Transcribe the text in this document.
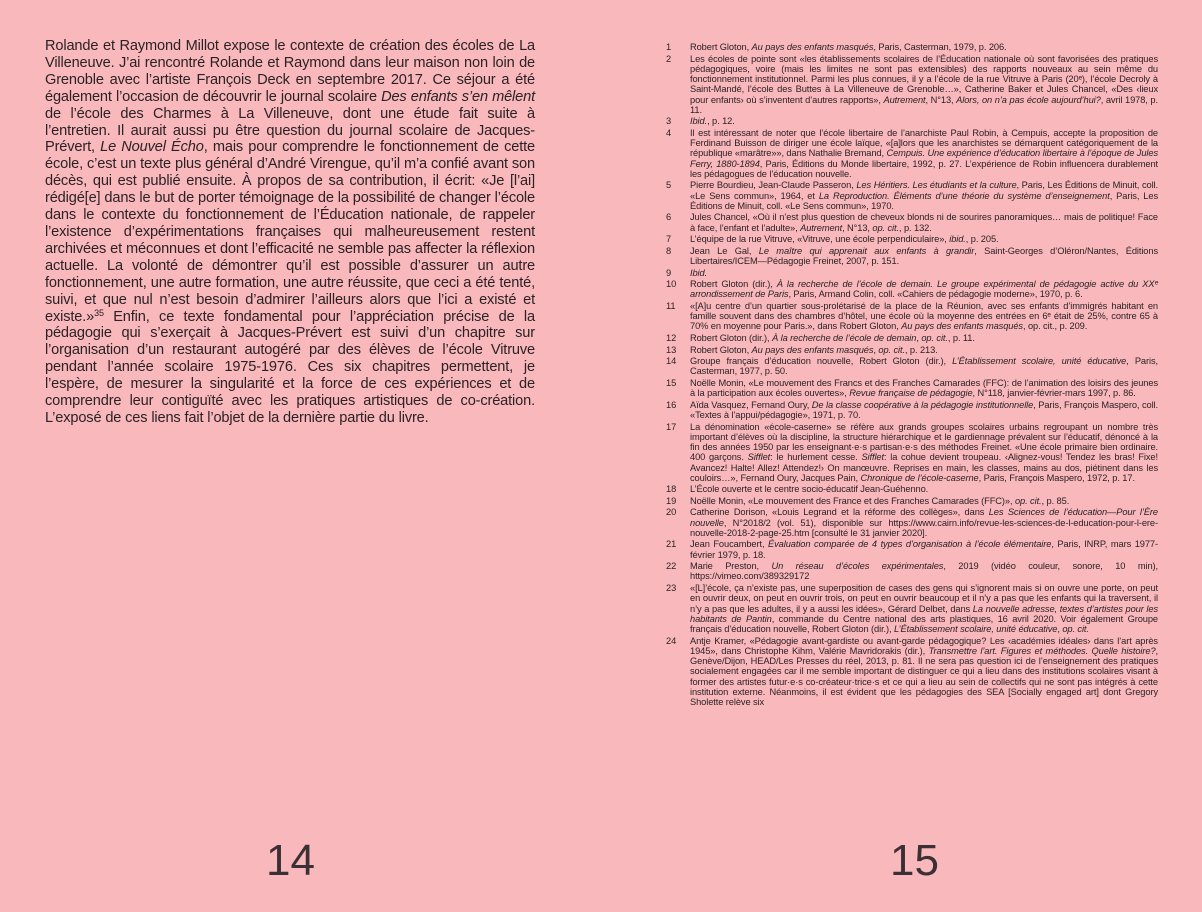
Rolande et Raymond Millot expose le contexte de création des écoles de La Villeneuve. J’ai rencontré Rolande et Raymond dans leur maison non loin de Grenoble avec l’artiste François Deck en septembre 2017. Ce séjour a été également l’occasion de découvrir le journal scolaire Des enfants s’en mêlent de l’école des Charmes à La Villeneuve, dont une étude fait suite à l’entretien. Il aurait aussi pu être question du journal scolaire de Jacques-Prévert, Le Nouvel Écho, mais pour comprendre le fonctionnement de cette école, c’est un texte plus général d’André Virengue, qu’il m’a confié avant son décès, qui est publié ensuite. À propos de sa contribution, il écrit: «Je [l’ai] rédigé[e] dans le but de porter témoignage de la possibilité de changer l’école dans le contexte du fonctionnement de l’Éducation nationale, de rappeler l’existence d’expérimentations françaises qui malheureusement restent archivées et méconnues et dont l’efficacité ne semble pas affecter la réflexion actuelle. La volonté de démontrer qu’il est possible d’assurer un autre fonctionnement, une autre formation, une autre réussite, que ceci a été tenté, suivi, et que nul n’est besoin d’admirer l’ailleurs alors que l’ici a existé et existe.»$^{35}$ Enfin, ce texte fondamental pour l’appréciation précise de la pédagogie qui s’exerçait à Jacques-Prévert est suivi d’un chapitre sur l’organisation d’un restaurant autogéré par des élèves de l’école Vitruve pendant l’année scolaire 1975-1976. Ces six chapitres permettent, je l’espère, de mesurer la singularité et la force de ces expériences et de comprendre leur contiguïté avec les pratiques artistiques de co-création. L’exposé de ces liens fait l’objet de la dernière partie du livre.

14
1	Robert Gloton, Au pays des enfants masqués, Paris, Casterman, 1979, p. 206.
2	Les écoles de pointe sont «les établissements scolaires de l’Éducation nationale où sont favorisées des pratiques pédagogiques, voire (mais les limites ne sont pas extensibles) des rapports nouveaux au sein même du fonctionnement institutionnel. Parmi les plus connues, il y a l’école de la rue Vitruve à Paris (20ᵉ), l’école Decroly à Saint-Mandé, l’école des Buttes à La Villeneuve de Grenoble…», Catherine Baker et Jules Chancel, «Des ‹lieux pour enfants› où s’inventent d’autres rapports», Autrement, N°13, Alors, on n’a pas école aujourd’hui?, avril 1978, p. 11.
3	Ibid., p. 12.
4	Il est intéressant de noter que l’école libertaire de l’anarchiste Paul Robin, à Cempuis, accepte la proposition de Ferdinand Buisson de diriger une école laïque, «[a]lors que les anarchistes se démarquent catégoriquement de la république «marâtre»», dans Nathalie Bremand, Cempuis. Une expérience d’éducation libertaire à l’époque de Jules Ferry, 1880-1894, Paris, Éditions du Monde libertaire, 1992, p. 27. L’expérience de Robin influencera durablement les pédagogues de l’éducation nouvelle.
5	Pierre Bourdieu, Jean-Claude Passeron, Les Héritiers. Les étudiants et la culture, Paris, Les Éditions de Minuit, coll. «Le Sens commun», 1964, et La Reproduction. Éléments d’une théorie du système d’enseignement, Paris, Les Éditions de Minuit, coll. «Le Sens commun», 1970.
6	Jules Chancel, «Où il n’est plus question de cheveux blonds ni de sourires panoramiques… mais de politique! Face à face, l’enfant et l’adulte», Autrement, N°13, op. cit., p. 132.
7	L’équipe de la rue Vitruve, «Vitruve, une école perpendiculaire», ibid., p. 205.
8	Jean Le Gal, Le maître qui apprenait aux enfants à grandir, Saint-Georges d’Oléron/Nantes, Éditions Libertaires/ICEM—Pédagogie Freinet, 2007, p. 151.
9	Ibid.
10	Robert Gloton (dir.), À la recherche de l’école de demain. Le groupe expérimental de pédagogie active du XXᵉ arrondissement de Paris, Paris, Armand Colin, coll. «Cahiers de pédagogie moderne», 1970, p. 6.
11	«[A]u centre d’un quartier sous-prolétarisé de la place de la Réunion, avec ses enfants d’immigrés habitant en famille souvent dans des chambres d’hôtel, une école où la moyenne des entrées en 6ᵉ était de 25%, contre 65 à 70% en moyenne pour Paris.», dans Robert Gloton, Au pays des enfants masqués, op. cit., p. 209.
12	Robert Gloton (dir.), À la recherche de l’école de demain, op. cit., p. 11.
13	Robert Gloton, Au pays des enfants masqués, op. cit., p. 213.
14	Groupe français d’éducation nouvelle, Robert Gloton (dir.), L’Établissement scolaire, unité éducative, Paris, Casterman, 1977, p. 50.
15	Noëlle Monin, «Le mouvement des Francs et des Franches Camarades (FFC): de l’animation des loisirs des jeunes à la participation aux écoles ouvertes», Revue française de pédagogie, N°118, janvier-février-mars 1997, p. 86.
16	Aïda Vasquez, Fernand Oury, De la classe coopérative à la pédagogie institutionnelle, Paris, François Maspero, coll. «Textes à l’appui/pédagogie», 1971, p. 70.
17	La dénomination «école-caserne» se réfère aux grands groupes scolaires urbains regroupant un nombre très important d’élèves où la discipline, la structure hiérarchique et le gardiennage prévalent sur l’éducatif, dénoncé à la fin des années 1950 par les enseignant·e·s partisan·e·s des méthodes Freinet. «Une école primaire bien ordinaire. 400 garçons. Sifflet: le hurlement cesse. Sifflet: la cohue devient troupeau. ‹Alignez-vous! Tendez les bras! Fixe! Avancez! Halte! Allez! Attendez!› On manœuvre. Reprises en main, les classes, mains au dos, piétinent dans les couloirs…», Fernand Oury, Jacques Pain, Chronique de l’école-caserne, Paris, François Maspero, 1972, p. 17.
18	L’École ouverte et le centre socio-éducatif Jean-Guéhenno.
19	Noëlle Monin, «Le mouvement des France et des Franches Camarades (FFC)», op. cit., p. 85.
20	Catherine Dorison, «Louis Legrand et la réforme des collèges», dans Les Sciences de l’éducation—Pour l’Ère nouvelle, N°2018/2 (vol. 51), disponible sur https://www.cairn.info/revue-les-sciences-de-l-education-pour-l-ere-nouvelle-2018-2-page-25.htm [consulté le 31 janvier 2020].
21	Jean Foucambert, Évaluation comparée de 4 types d’organisation à l’école élémentaire, Paris, INRP, mars 1977-février 1979, p. 18.
22	Marie Preston, Un réseau d’écoles expérimentales, 2019 (vidéo couleur, sonore, 10 min), https://vimeo.com/389329172
23	«[L]’école, ça n’existe pas, une superposition de cases des gens qui s’ignorent mais si on ouvre une porte, on peut en ouvrir deux, on peut en ouvrir trois, on peut en ouvrir beaucoup et il n’y a pas que les enfants qui la traversent, il n’y a pas que les adultes, il y a aussi les idées», Gérard Delbet, dans La nouvelle adresse, textes d’artistes pour les habitants de Pantin, commande du Centre national des arts plastiques, 16 avril 2020. Voir également Groupe français d’éducation nouvelle, Robert Gloton (dir.), L’Établissement scolaire, unité éducative, op. cit.
24	Antje Kramer, «Pédagogie avant-gardiste ou avant-garde pédagogique? Les ‹académies idéales› dans l’art après 1945», dans Christophe Kihm, Valérie Mavridorakis (dir.), Transmettre l’art. Figures et méthodes. Quelle histoire?, Genève/Dijon, HEAD/Les Presses du réel, 2013, p. 81. Il ne sera pas question ici de l’enseignement des pratiques socialement engagées car il me semble important de distinguer ce qui a lieu dans des institutions scolaires visant à former des artistes futur·e·s co-créateur·trice·s et ce qui a lieu au sein de collectifs qui ne sont pas intégrés à cette institution externe. Néanmoins, il est évident que les pédagogies des SEA [Socially engaged art] dont Gregory Sholette relève six
15
